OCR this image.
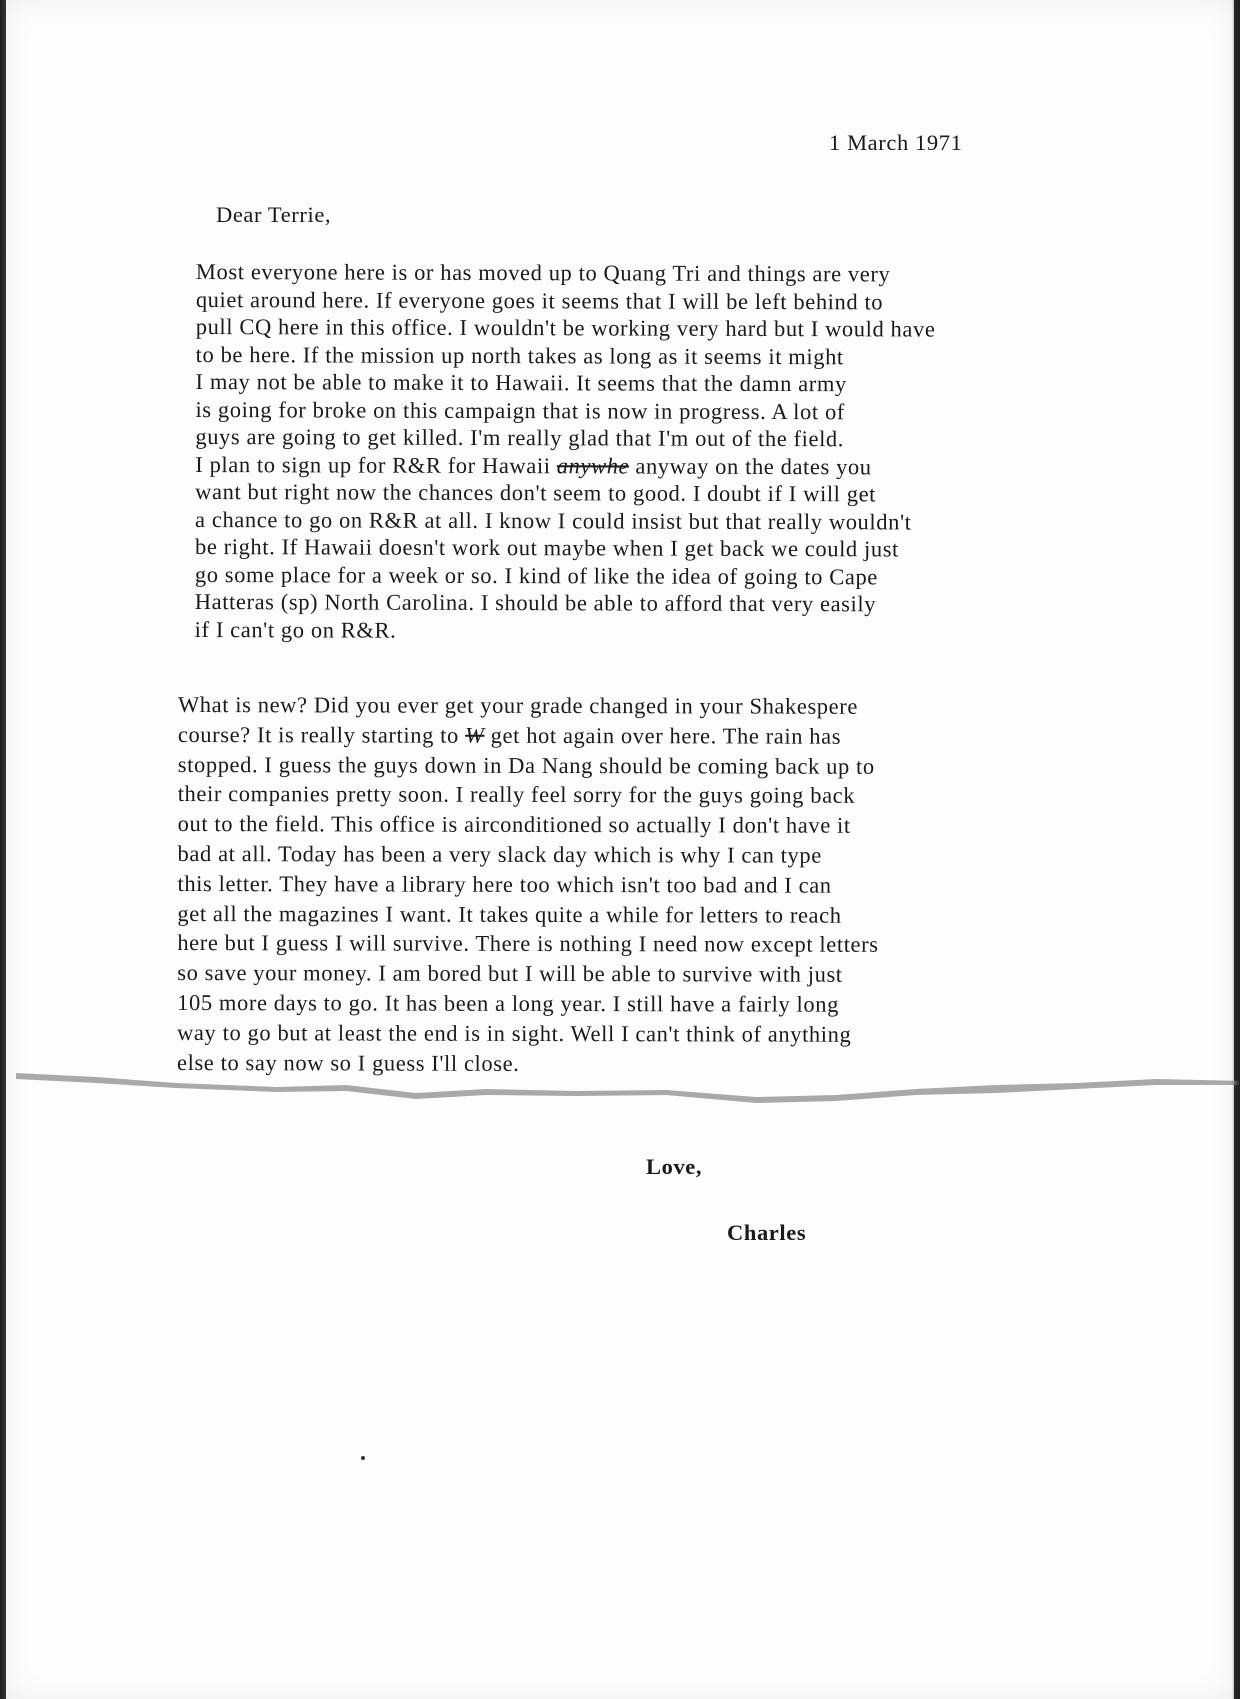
1 March 1971
Dear Terrie,
Most everyone here is or has moved up to Quang Tri and things are very
quiet around here. If everyone goes it seems that I will be left behind to
pull CQ here in this office. I wouldn't be working very hard but I would have
to be here. If the mission up north takes as long as it seems it might
I may not be able to make it to Hawaii. It seems that the damn army
is going for broke on this campaign that is now in progress. A lot of
guys are going to get killed. I'm really glad that I'm out of the field.
I plan to sign up for R&R for Hawaii anywhe anyway on the dates you
want but right now the chances don't seem to good. I doubt if I will get
a chance to go on R&R at all. I know I could insist but that really wouldn't
be right. If Hawaii doesn't work out maybe when I get back we could just
go some place for a week or so. I kind of like the idea of going to Cape
Hatteras (sp) North Carolina. I should be able to afford that very easily
if I can't go on R&R.
What is new? Did you ever get your grade changed in your Shakespere
course? It is really starting to W get hot again over here. The rain has
stopped. I guess the guys down in Da Nang should be coming back up to
their companies pretty soon. I really feel sorry for the guys going back
out to the field. This office is airconditioned so actually I don't have it
bad at all. Today has been a very slack day which is why I can type
this letter. They have a library here too which isn't too bad and I can
get all the magazines I want. It takes quite a while for letters to reach
here but I guess I will survive. There is nothing I need now except letters
so save your money. I am bored but I will be able to survive with just
105 more days to go. It has been a long year. I still have a fairly long
way to go but at least the end is in sight. Well I can't think of anything
else to say now so I guess I'll close.
Love,
Charles
